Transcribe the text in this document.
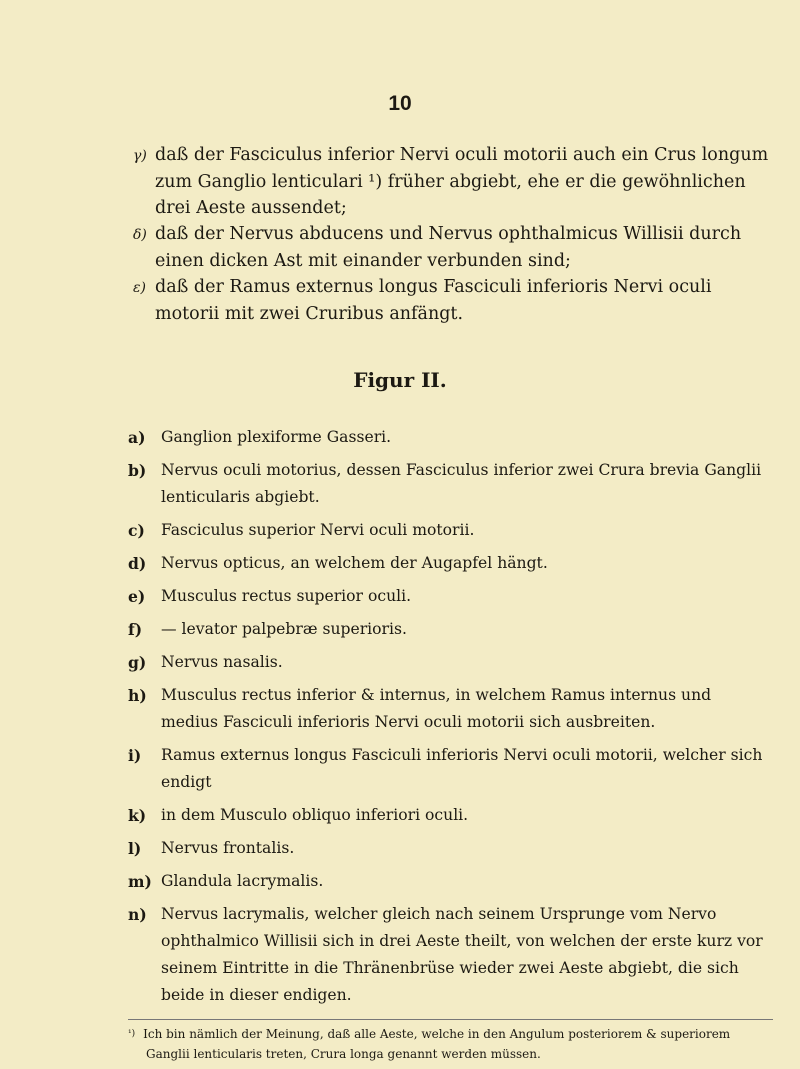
10

γ) daß der Fasciculus inferior Nervi oculi motorii auch ein Crus longum zum Ganglio lenticulari ¹) früher abgiebt, ehe er die gewöhnlichen drei Aeste aussendet;

δ) daß der Nervus abducens und Nervus ophthalmicus Willisii durch einen dicken Ast mit einander verbunden sind;

ε) daß der Ramus externus longus Fasciculi inferioris Nervi oculi motorii mit zwei Cruribus anfängt.

Figur II.
a) Ganglion plexiforme Gasseri.
b) Nervus oculi motorius, dessen Fasciculus inferior zwei Crura brevia Ganglii lenticularis abgiebt.
c)	Fasciculus superior Nervi oculi motorii.
d) Nervus opticus, an welchem der Augapfel hängt.
e)	Musculus rectus superior oculi.
f)	— levator palpebræ superioris.
g) Nervus nasalis.
h) Musculus rectus inferior & internus, in welchem Ramus internus und medius Fasciculi inferioris Nervi oculi motorii sich ausbreiten.
i)	Ramus externus longus Fasciculi inferioris Nervi oculi motorii, welcher sich endigt
k) in dem Musculo obliquo inferiori oculi.
l)	Nervus frontalis.
m) Glandula lacrymalis.
n) Nervus lacrymalis, welcher gleich nach seinem Ursprunge vom Nervo ophthalmico Willisii sich in drei Aeste theilt, von welchen der erste kurz vor seinem Eintritte in die Thränenbrüse wieder zwei Aeste abgiebt, die sich beide in dieser endigen.
$^{^1)}$ Ich bin nämlich der Meinung, daß alle Aeste, welche in den Angulum posteriorem & superiorem Ganglii lenticularis treten, Crura longa genannt werden müssen.
